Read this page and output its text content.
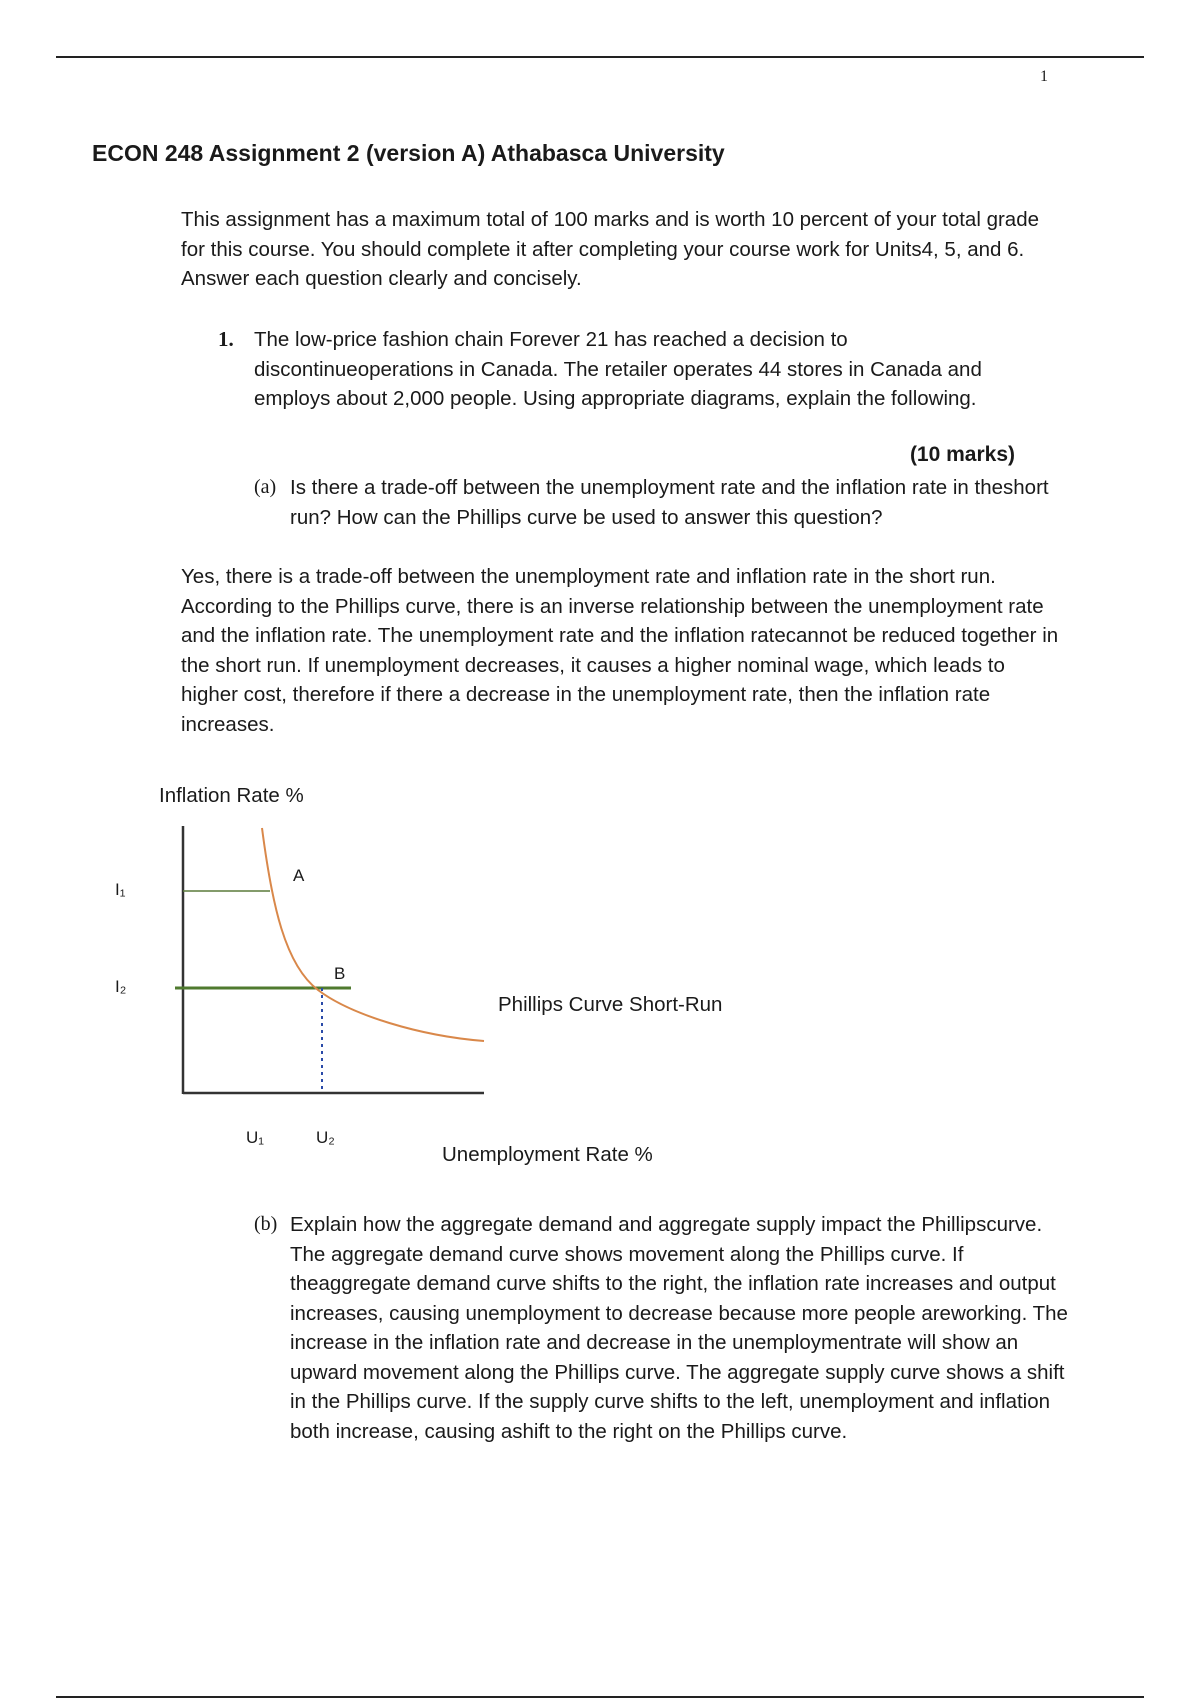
1
ECON 248 Assignment 2 (version A) Athabasca University
This assignment has a maximum total of 100 marks and is worth 10 percent of your total grade for this course. You should complete it after completing your course work for Units4, 5, and 6. Answer each question clearly and concisely.
1. The low-price fashion chain Forever 21 has reached a decision to discontinueoperations in Canada. The retailer operates 44 stores in Canada and employs about 2,000 people. Using appropriate diagrams, explain the following.
(10 marks)
(a) Is there a trade-off between the unemployment rate and the inflation rate in theshort run? How can the Phillips curve be used to answer this question?
Yes, there is a trade-off between the unemployment rate and inflation rate in the short run. According to the Phillips curve, there is an inverse relationship between the unemployment rate and the inflation rate. The unemployment rate and the inflation ratecannot be reduced together in the short run. If unemployment decreases, it causes a higher nominal wage, which leads to higher cost, therefore if there a decrease in the unemployment rate, then the inflation rate increases.
Inflation Rate %
A
B
I₁
I₂
Phillips Curve Short-Run
U₁	U₂
Unemployment Rate %
(b) Explain how the aggregate demand and aggregate supply impact the Phillipscurve. The aggregate demand curve shows movement along the Phillips curve. If theaggregate demand curve shifts to the right, the inflation rate increases and output increases, causing unemployment to decrease because more people areworking. The increase in the inflation rate and decrease in the unemploymentrate will show an upward movement along the Phillips curve. The aggregate supply curve shows a shift in the Phillips curve. If the supply curve shifts to the left, unemployment and inflation both increase, causing ashift to the right on the Phillips curve.
